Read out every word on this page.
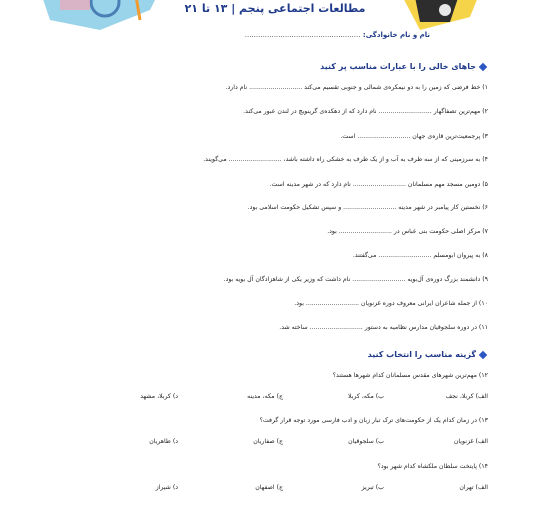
مطالعات اجتماعی پنجم | ۱۳ تا ۲۱
نام و نام خانوادگی: ....................................................
جاهای خالی را با عبارات مناسب پر کنید
۱) خط فرضی که زمین را به دو نیمکره‌ی شمالی و جنوبی تقسیم می‌کند ........................... نام دارد.
۲) مهم‌ترین تصفاگهار ........................... نام دارد که از دهکده‌ی گرینویچ در لندن عبور می‌کند.
۳) پرجمعیت‌ترین قاره‌ی جهان ........................... است.
۴) به سرزمینی که از سه طرف به آب و از یک طرف به خشکی راه داشته باشد، ........................... می‌گویند.
۵) دومین مسجد مهم مسلمانان ........................... نام دارد که در شهر مدینه است.
۶) نخستین کار پیامبر در شهر مدینه ........................... و سپس تشکیل حکومت اسلامی بود.
۷) مرکز اصلی حکومت بنی عباس در ........................... بود.
۸) به پیروان ابومسلم ........................... می‌گفتند.
۹) دانشمند بزرگ دوره‌ی آل‌بویه ........................... نام داشت که وزیر یکی از شاهزادگان آل بویه بود.
۱۰) از جمله شاعران ایرانی معروف دوره غزنویان ........................... بود.
۱۱) در دوره سلجوقیان مدارس نظامیه به دستور ........................... ساخته شد.
گزینه مناسب را انتخاب کنید
۱۲) مهم‌ترین شهرهای مقدس مسلمانان کدام شهرها هستند؟
الف) کربلا، نجف
ب) مکه، کربلا
ج) مکه، مدینه
د) کربلا، مشهد
۱۳) در زمان کدام یک از حکومت‌های ترک تبار زبان و ادب فارسی مورد توجه قرار گرفت؟
الف) غزنویان
ب) سلجوقیان
ج) صفاریان
د) طاهریان
۱۴) پایتخت سلطان ملکشاه کدام شهر بود؟
الف) تهران
ب) تبریز
ج) اصفهان
د) شیراز
